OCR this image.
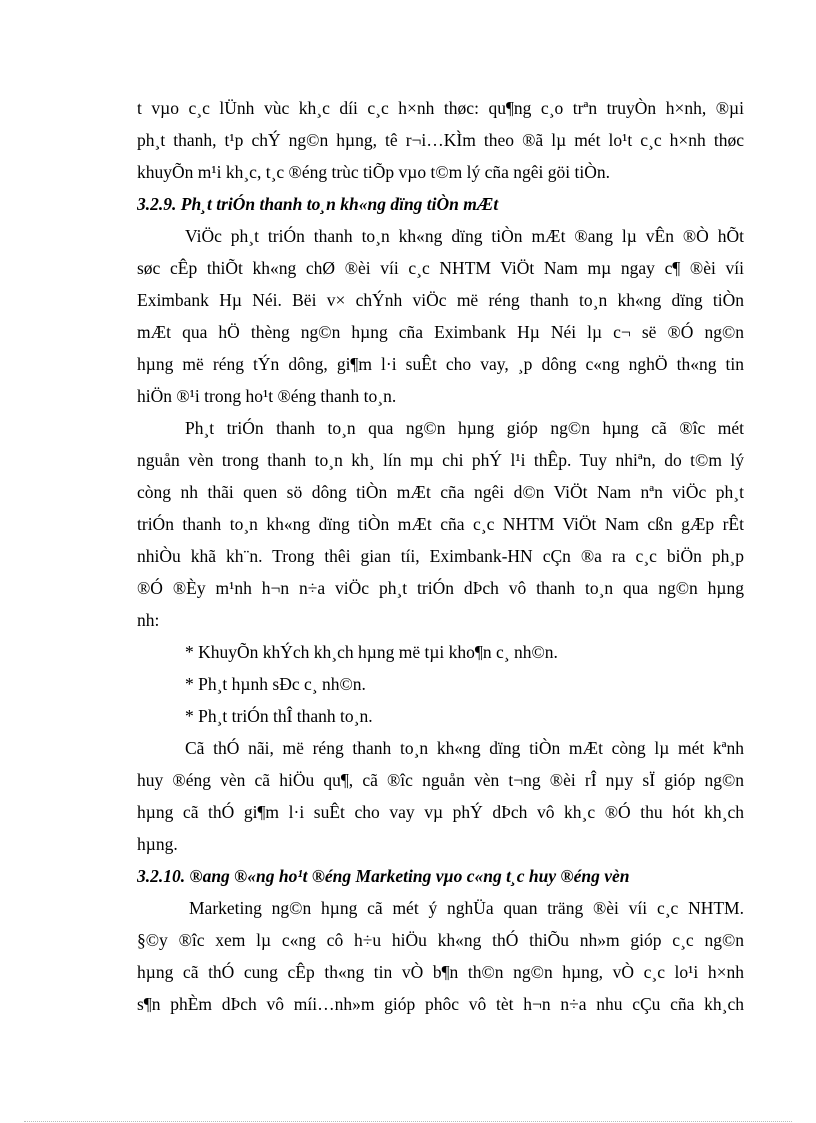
t vµo c¸c lÜnh vùc kh¸c díi c¸c h×nh thøc: qu¶ng c¸o trªn truyÒn h×nh, ®µi
ph¸t thanh, t¹p chÝ ng©n hµng, tê r¬i…KÌm theo ®ã lµ mét lo¹t c¸c h×nh thøc
khuyÕn m¹i kh¸c, t¸c ®éng trùc tiÕp vµo t©m lý cña ngêi göi tiÒn.
3.2.9. Ph¸t triÓn thanh to¸n kh«ng dïng tiÒn mÆt
ViÖc ph¸t triÓn thanh to¸n kh«ng dïng tiÒn mÆt ®ang lµ vÊn ®Ò hÕt
søc cÊp thiÕt kh«ng chØ ®èi víi c¸c NHTM ViÖt Nam mµ ngay c¶ ®èi víi
Eximbank Hµ Néi. Bëi v× chÝnh viÖc më réng thanh to¸n kh«ng dïng tiÒn
mÆt qua hÖ thèng ng©n hµng cña Eximbank Hµ Néi lµ c¬ së ®Ó ng©n
hµng më réng tÝn dông, gi¶m l·i suÊt cho vay, ¸p dông c«ng nghÖ th«ng tin
hiÖn ®¹i trong ho¹t ®éng thanh to¸n.
Ph¸t triÓn thanh to¸n qua ng©n hµng gióp ng©n hµng cã ®îc mét
nguån vèn trong thanh to¸n kh¸ lín mµ chi phÝ l¹i thÊp. Tuy nhiªn, do t©m lý
còng nh thãi quen sö dông tiÒn mÆt cña ngêi d©n ViÖt Nam nªn viÖc ph¸t
triÓn thanh to¸n kh«ng dïng tiÒn mÆt cña c¸c NHTM ViÖt Nam cßn gÆp rÊt
nhiÒu khã kh¨n. Trong thêi gian tíi, Eximbank-HN cÇn ®a ra c¸c biÖn ph¸p
®Ó ®Èy m¹nh h¬n n÷a viÖc ph¸t triÓn dÞch vô thanh to¸n qua ng©n hµng
nh:
* KhuyÕn khÝch kh¸ch hµng më tµi kho¶n c¸ nh©n.
* Ph¸t hµnh sÐc c¸ nh©n.
* Ph¸t triÓn thÎ thanh to¸n.
Cã thÓ nãi, më réng thanh to¸n kh«ng dïng tiÒn mÆt còng lµ mét kªnh
huy ®éng vèn cã hiÖu qu¶, cã ®îc nguån vèn t¬ng ®èi rÎ nµy sÏ gióp ng©n
hµng cã thÓ gi¶m l·i suÊt cho vay vµ phÝ dÞch vô kh¸c ®Ó thu hót kh¸ch
hµng.
3.2.10. ®ang ®«ng ho¹t ®éng Marketing vµo c«ng t¸c huy ®éng vèn
Marketing ng©n hµng cã mét ý nghÜa quan träng ®èi víi c¸c NHTM.
§©y ®îc xem lµ c«ng cô h÷u hiÖu kh«ng thÓ thiÕu nh»m gióp c¸c ng©n
hµng cã thÓ cung cÊp th«ng tin vÒ b¶n th©n ng©n hµng, vÒ c¸c lo¹i h×nh
s¶n phÈm dÞch vô míi…nh»m gióp phôc vô tèt h¬n n÷a nhu cÇu cña kh¸ch
